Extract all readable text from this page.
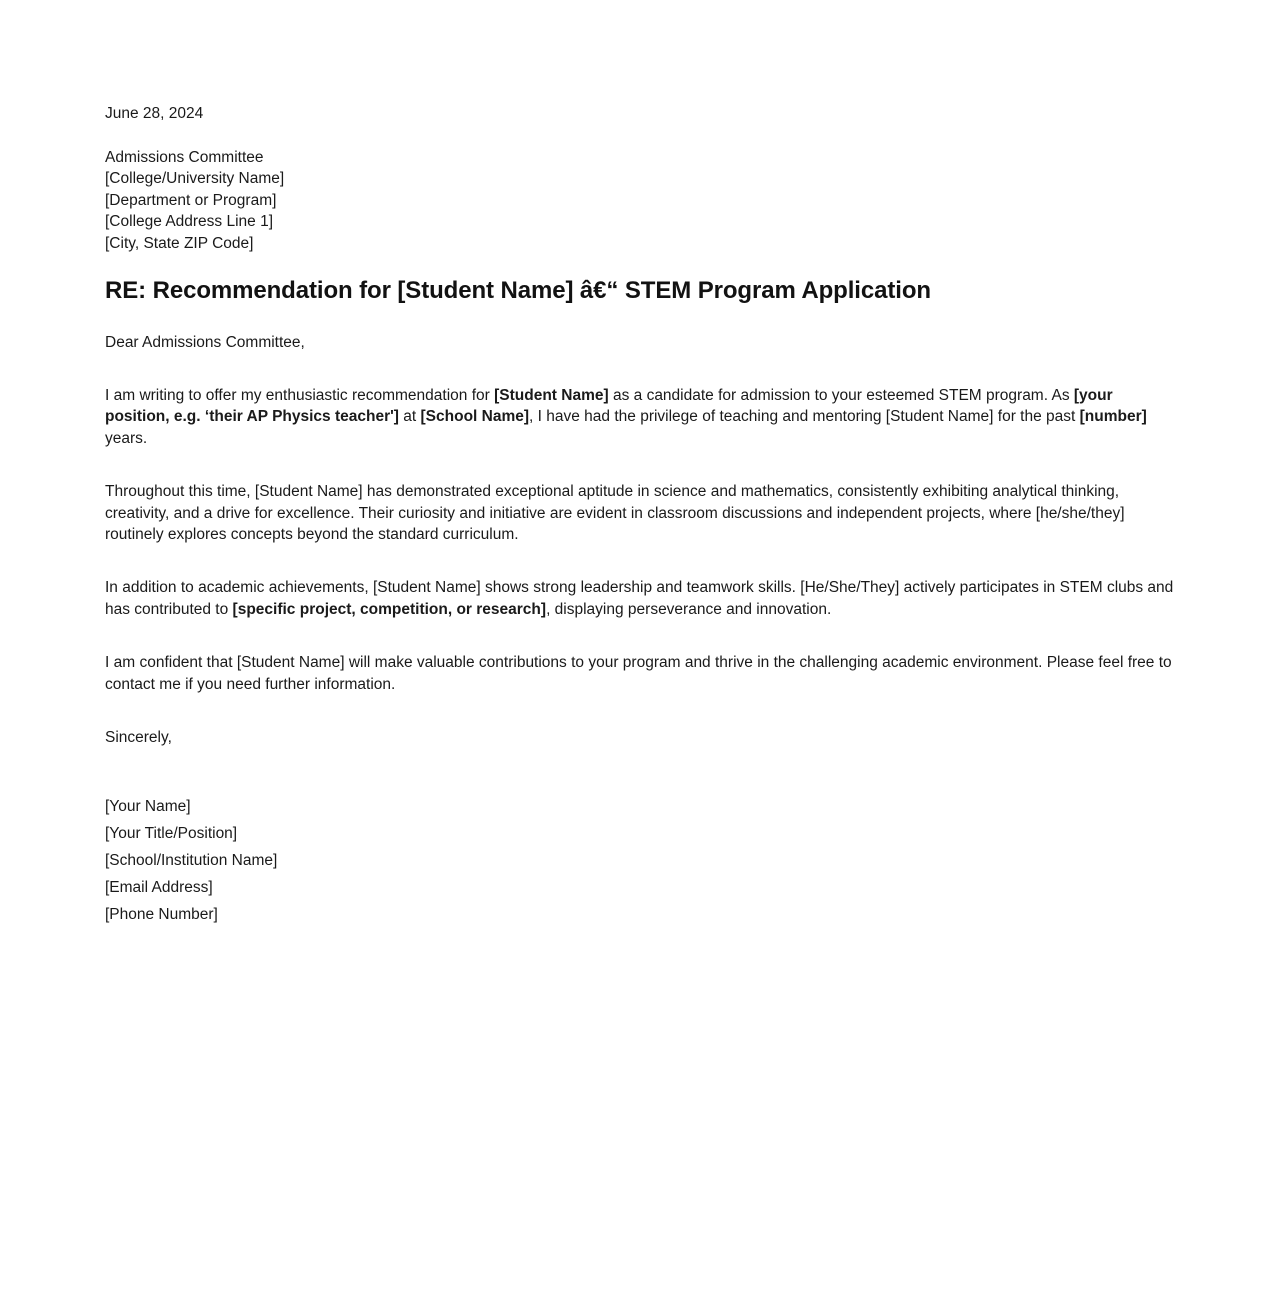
June 28, 2024

Admissions Committee

[College/University Name]

[Department or Program]

[College Address Line 1]

[City, State ZIP Code]

RE: Recommendation for [Student Name] â€“ STEM Program Application

Dear Admissions Committee,

I am writing to offer my enthusiastic recommendation for [Student Name] as a candidate for admission to your esteemed STEM program. As [your position, e.g. ‘their AP Physics teacher'] at [School Name], I have had the privilege of teaching and mentoring [Student Name] for the past [number] years.

Throughout this time, [Student Name] has demonstrated exceptional aptitude in science and mathematics, consistently exhibiting analytical thinking, creativity, and a drive for excellence. Their curiosity and initiative are evident in classroom discussions and independent projects, where [he/she/they] routinely explores concepts beyond the standard curriculum.

In addition to academic achievements, [Student Name] shows strong leadership and teamwork skills. [He/She/They] actively participates in STEM clubs and has contributed to [specific project, competition, or research], displaying perseverance and innovation.

I am confident that [Student Name] will make valuable contributions to your program and thrive in the challenging academic environment. Please feel free to contact me if you need further information.

Sincerely,

[Your Name]

[Your Title/Position]

[School/Institution Name]

[Email Address]

[Phone Number]
